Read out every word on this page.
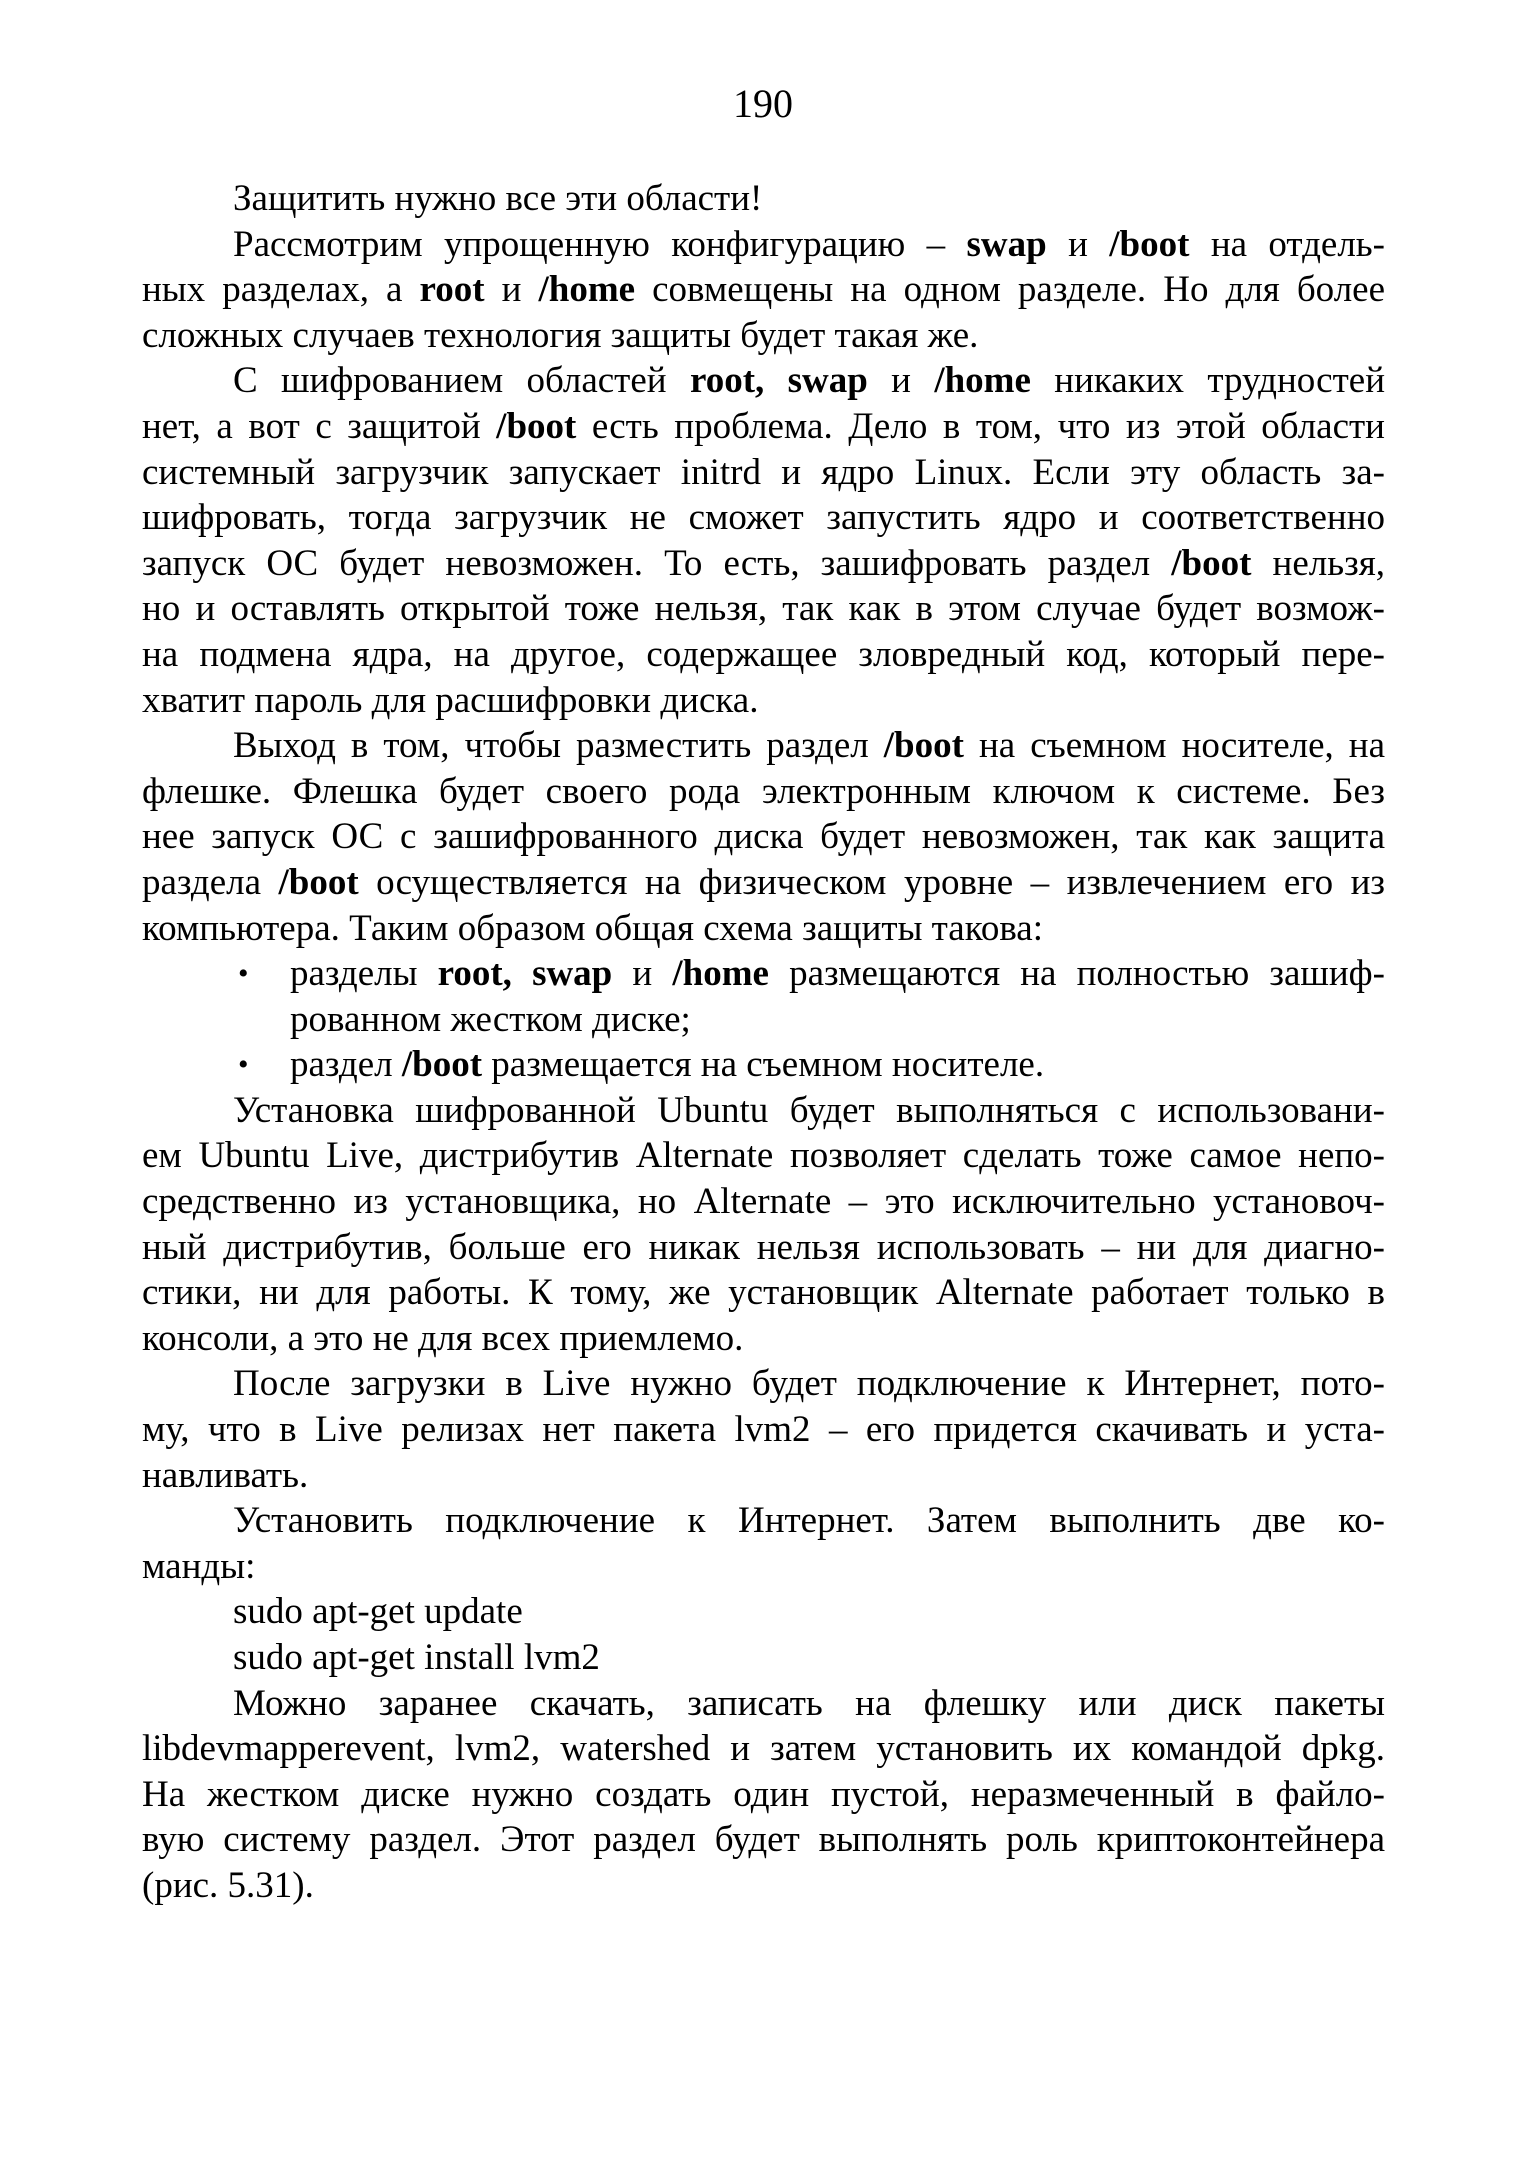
190
Защитить нужно все эти области!
Рассмотрим упрощенную конфигурацию – swap и /boot на отдель-
ных разделах, а root и /home совмещены на одном разделе. Но для более
сложных случаев технология защиты будет такая же.
С шифрованием областей root, swap и /home никаких трудностей
нет, а вот с защитой /boot есть проблема. Дело в том, что из этой области
системный загрузчик запускает initrd и ядро Linux. Если эту область за-
шифровать, тогда загрузчик не сможет запустить ядро и соответственно
запуск ОС будет невозможен. То есть, зашифровать раздел /boot нельзя,
но и оставлять открытой тоже нельзя, так как в этом случае будет возмож-
на подмена ядра, на другое, содержащее зловредный код, который пере-
хватит пароль для расшифровки диска.
Выход в том, чтобы разместить раздел /boot на съемном носителе, на
флешке. Флешка будет своего рода электронным ключом к системе. Без
нее запуск ОС с зашифрованного диска будет невозможен, так как защита
раздела /boot осуществляется на физическом уровне – извлечением его из
компьютера. Таким образом общая схема защиты такова:
• разделы root, swap и /home размещаются на полностью зашиф-
рованном жестком диске;
• раздел /boot размещается на съемном носителе.
Установка шифрованной Ubuntu будет выполняться с использовани-
ем Ubuntu Live, дистрибутив Alternate позволяет сделать тоже самое непо-
средственно из установщика, но Alternate – это исключительно установоч-
ный дистрибутив, больше его никак нельзя использовать – ни для диагно-
стики, ни для работы. К тому, же установщик Alternate работает только в
консоли, а это не для всех приемлемо.
После загрузки в Live нужно будет подключение к Интернет, пото-
му, что в Live релизах нет пакета lvm2 – его придется скачивать и уста-
навливать.
Установить подключение к Интернет. Затем выполнить две ко-
манды:
sudo apt-get update
sudo apt-get install lvm2
Можно заранее скачать, записать на флешку или диск пакеты
libdevmapperevent, lvm2, watershed и затем установить их командой dpkg.
На жестком диске нужно создать один пустой, неразмеченный в файло-
вую систему раздел. Этот раздел будет выполнять роль криптоконтейнера
(рис. 5.31).
